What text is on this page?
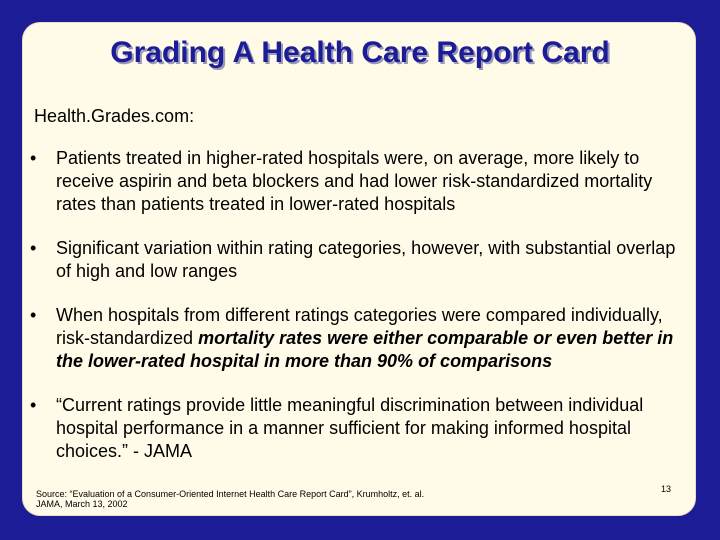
Grading A Health Care Report Card

Health.Grades.com:

• Patients treated in higher-rated hospitals were, on average, more likely to receive aspirin and beta blockers and had lower risk-standardized mortality rates than patients treated in lower-rated hospitals
• Significant variation within rating categories, however, with substantial overlap of high and low ranges
• When hospitals from different ratings categories were compared individually, risk-standardized mortality rates were either comparable or even better in the lower-rated hospital in more than 90% of comparisons
• “Current ratings provide little meaningful discrimination between individual hospital performance in a manner sufficient for making informed hospital choices.” - JAMA

Source: “Evaluation of a Consumer-Oriented Internet Health Care Report Card”, Krumholtz, et. al.
JAMA, March 13, 2002

13
